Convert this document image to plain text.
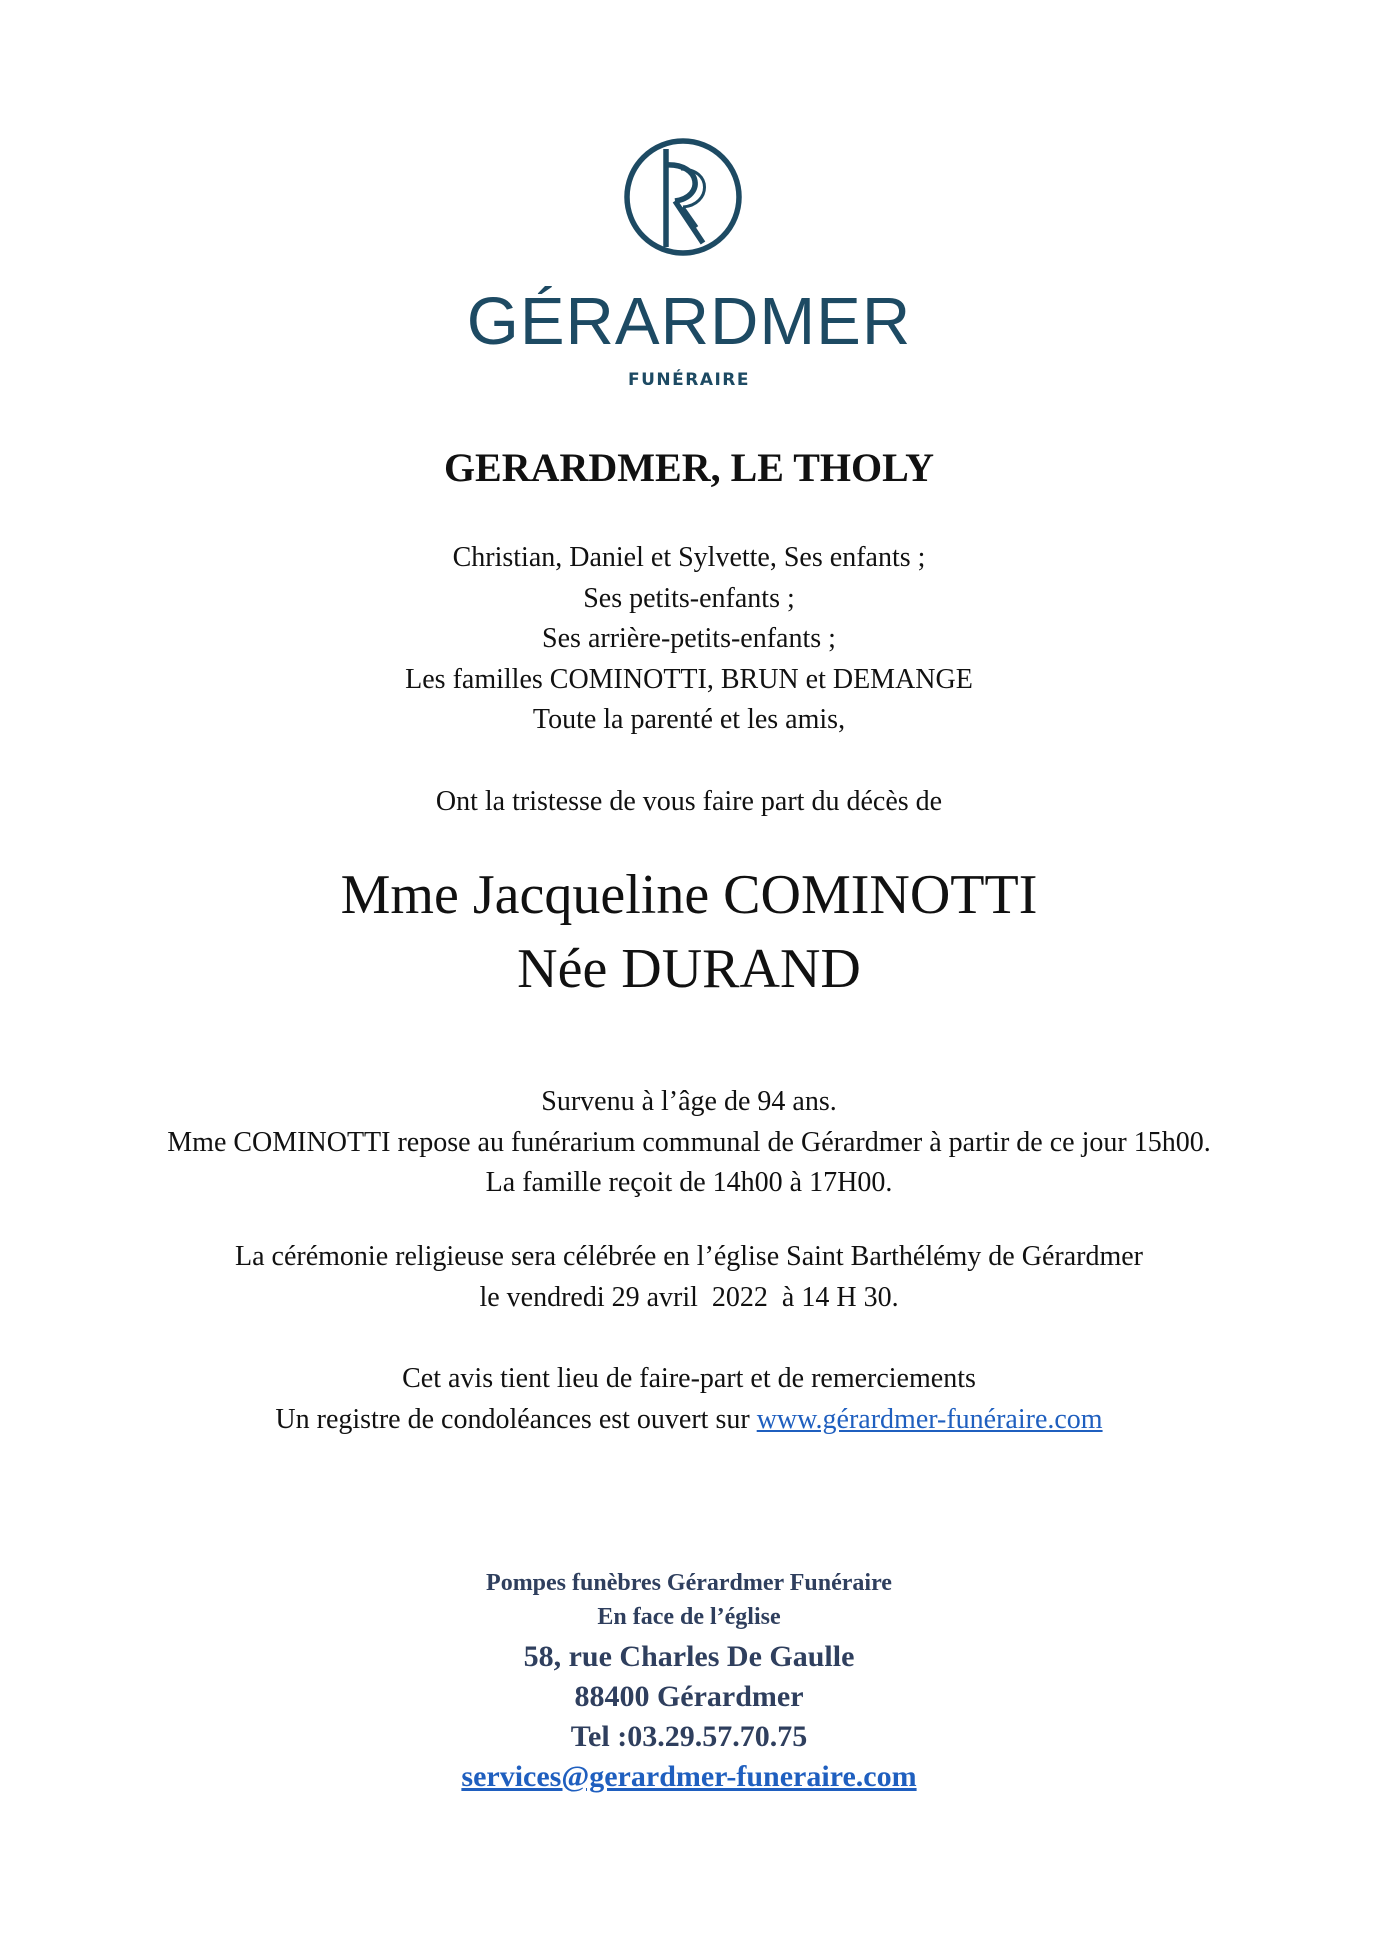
GÉRARDMER
FUNÉRAIRE
GERARDMER, LE THOLY
Christian, Daniel et Sylvette, Ses enfants ;
Ses petits-enfants ;
Ses arrière-petits-enfants ;
Les familles COMINOTTI, BRUN et DEMANGE
Toute la parenté et les amis,
Ont la tristesse de vous faire part du décès de
Mme Jacqueline COMINOTTI
Née DURAND
Survenu à l’âge de 94 ans.
Mme COMINOTTI repose au funérarium communal de Gérardmer à partir de ce jour 15h00.
La famille reçoit de 14h00 à 17H00.
La cérémonie religieuse sera célébrée en l’église Saint Barthélémy de Gérardmer
le vendredi 29 avril  2022  à 14 H 30.
Cet avis tient lieu de faire-part et de remerciements
Un registre de condoléances est ouvert sur www.gérardmer-funéraire.com
Pompes funèbres Gérardmer Funéraire
En face de l’église
58, rue Charles De Gaulle
88400 Gérardmer
Tel :03.29.57.70.75
services@gerardmer-funeraire.com
